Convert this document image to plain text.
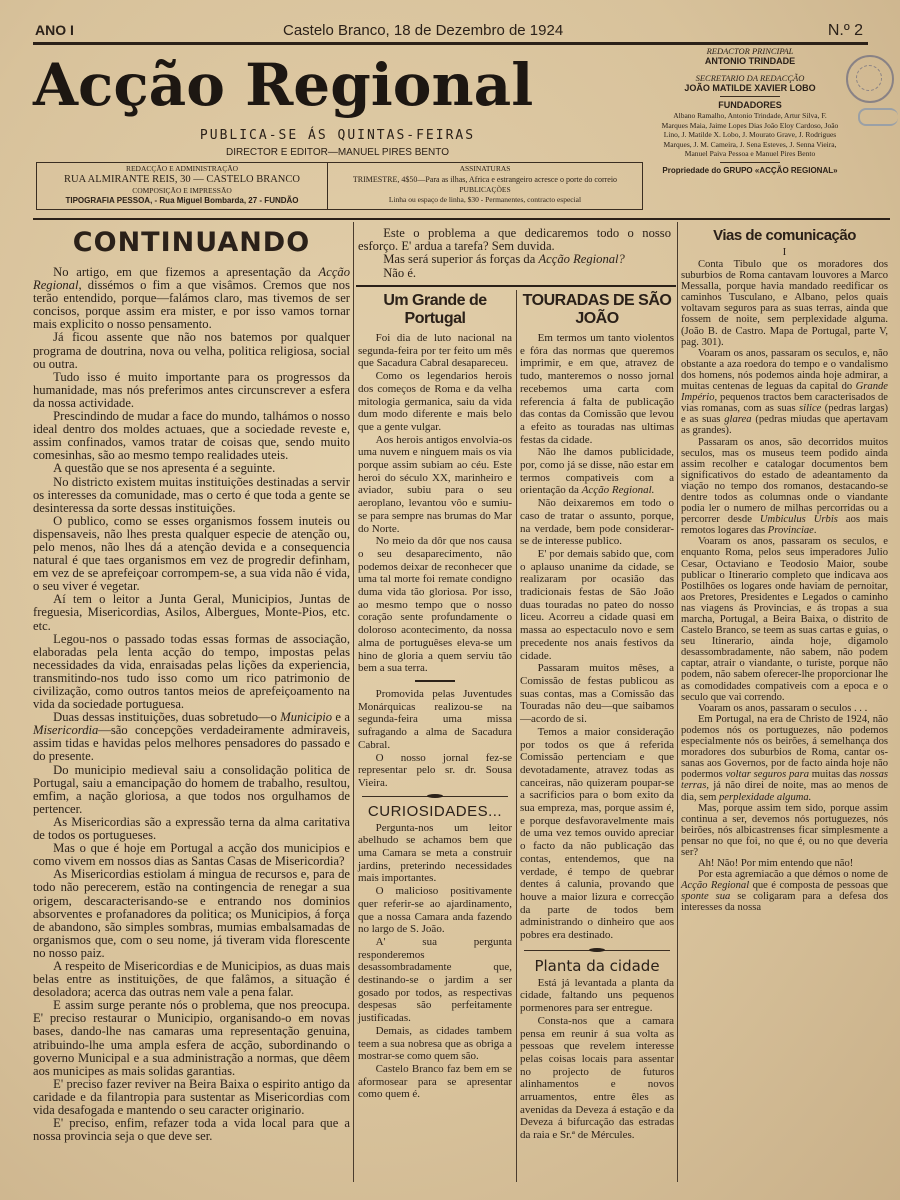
ANO I	Castelo Branco, 18 de Dezembro de 1924	N.º 2
Acção Regional
PUBLICA-SE ÁS QUINTAS-FEIRAS
DIRECTOR E EDITOR—MANUEL PIRES BENTO
REDACÇÃO E ADMINISTRAÇÃO
RUA ALMIRANTE REIS, 30 — CASTELO BRANCO
COMPOSIÇÃO E IMPRESSÃO
TIPOGRAFIA PESSOA, - Rua Miguel Bombarda, 27 - FUNDÃO
ASSINATURAS
TRIMESTRE, 4$50—Para as ilhas, Africa e estrangeiro acresce o porte do correio
PUBLICAÇÕES
Linha ou espaço de linha, $30 - Permanentes, contracto especial
REDACTOR PRINCIPAL
ANTONIO TRINDADE
SECRETARIO DA REDACÇÃO
JOÃO MATILDE XAVIER LOBO
FUNDADORES
Albano Ramalho, Antonio Trindade, Artur Silva, F. Marques Maia, Jaime Lopes Dias João Eloy Cardoso, João Lino, J. Matilde X. Lobo, J. Mourato Grave, J. Rodrigues Marques, J. M. Cameira, J. Sena Esteves, J. Senna Vieira, Manuel Paiva Pessoa e Manuel Pires Bento
Propriedade do GRUPO «ACÇÃO REGIONAL»
CONTINUANDO

No artigo, em que fizemos a apresentação da Acção Regional, dissémos o fim a que visâmos. Cremos que nos terão entendido, porque—falámos claro, mas tivemos de ser concisos, porque assim era mister, e por isso vamos tornar mais explicito o nosso pensamento.

Já ficou assente que não nos batemos por qualquer programa de doutrina, nova ou velha, politica religiosa, social ou outra.

Tudo isso é muito importante para os progressos da humanidade, mas nós preferimos antes circunscrever a esfera da nossa actividade.

Prescindindo de mudar a face do mundo, talhámos o nosso ideal dentro dos moldes actuaes, que a sociedade reveste e, assim confinados, vamos tratar de coisas que, sendo muito comesinhas, são ao mesmo tempo realidades uteis.

A questão que se nos apresenta é a seguinte.

No districto existem muitas instituições destinadas a servir os interesses da comunidade, mas o certo é que toda a gente se desinteressa da sorte dessas instituições.

O publico, como se esses organismos fossem inuteis ou dispensaveis, não lhes presta qualquer especie de atenção ou, pelo menos, não lhes dá a atenção devida e a consequencia natural é que taes organismos em vez de progredir definham, em vez de se aprefeiçoar corrompem-se, a sua vida não é vida, o seu viver é vegetar.

Aí tem o leitor a Junta Geral, Municipios, Juntas de freguesia, Misericordias, Asilos, Albergues, Monte-Pios, etc. etc.

Legou-nos o passado todas essas formas de associação, elaboradas pela lenta acção do tempo, impostas pelas necessidades da vida, enraisadas pelas lições da experiencia, transmitindo-nos tudo isso como um rico patrimonio de civilização, como outros tantos meios de aprefeiçoamento na vida da sociedade portuguesa.

Duas dessas instituições, duas sobretudo—o Municipio e a Misericordia—são concepções verdadeiramente admiraveis, assim tidas e havidas pelos melhores pensadores do passado e do presente.

Do municipio medieval saiu a consolidação politica de Portugal, saiu a emancipação do homem de trabalho, resultou, emfim, a nação gloriosa, a que todos nos orgulhamos de pertencer.

As Misericordias são a expressão terna da alma caritativa de todos os portugueses.

Mas o que é hoje em Portugal a acção dos municipios e como vivem em nossos dias as Santas Casas de Misericordia?

As Misericordias estiolam á mingua de recursos e, para de todo não perecerem, estão na contingencia de renegar a sua origem, descaracterisando-se e entrando nos dominios absorventes e profanadores da politica; os Municipios, á força de abandono, são simples sombras, mumias embalsamadas de organismos que, com o seu nome, já tiveram vida florescente no nosso paiz.

A respeito de Misericordias e de Municipios, as duas mais belas entre as instituições, de que falâmos, a situação é desoladora; acerca das outras nem vale a pena falar.

E assim surge perante nós o problema, que nos preocupa. E' preciso restaurar o Municipio, organisando-o em novas bases, dando-lhe nas camaras uma representação genuina, atribuindo-lhe uma ampla esfera de acção, subordinando o governo Municipal e a sua administração a normas, que dêem aos municipes as mais solidas garantias.

E' preciso fazer reviver na Beira Baixa o espirito antigo da caridade e da filantropia para sustentar as Misericordias com vida desafogada e mantendo o seu caracter originario.

E' preciso, enfim, refazer toda a vida local para que a nossa provincia seja o que deve ser.

Este o problema a que dedicaremos todo o nosso esforço. E' ardua a tarefa? Sem duvida.

Mas será superior ás forças da Acção Regional?

Não é.

Um Grande de Portugal

Foi dia de luto nacional na segunda-feira por ter feito um mês que Sacadura Cabral desapareceu.

Como os legendarios herois dos começos de Roma e da velha mitologia germanica, saiu da vida dum modo diferente e mais belo que a gente vulgar.

Aos herois antigos envolvia-os uma nuvem e ninguem mais os via porque assim subiam ao céu. Este heroi do século XX, marinheiro e aviador, subiu para o seu aeroplano, levantou vôo e sumiu-se para sempre nas brumas do Mar do Norte.

No meio da dôr que nos causa o seu desaparecimento, não podemos deixar de reconhecer que uma tal morte foi remate condigno duma vida tão gloriosa. Por isso, ao mesmo tempo que o nosso coração sente profundamente o doloroso acontecimento, da nossa alma de portuguêses eleva-se um hino de gloria a quem serviu tão bem a sua terra.

Promovida pelas Juventudes Monárquicas realizou-se na segunda-feira uma missa sufragando a alma de Sacadura Cabral.

O nosso jornal fez-se representar pelo sr. dr. Sousa Vieira.

CURIOSIDADES...

Pergunta-nos um leitor abelhudo se achamos bem que uma Camara se meta a construir jardins, preterindo necessidades mais importantes.

O malicioso positivamente quer referir-se ao ajardinamento, que a nossa Camara anda fazendo no largo de S. João.

A' sua pergunta responderemos desassombradamente que, destinando-se o jardim a ser gosado por todos, as respectivas despesas são perfeitamente justificadas.

Demais, as cidades tambem teem a sua nobresa que as obriga a mostrar-se como quem são.

Castelo Branco faz bem em se aformosear para se apresentar como quem é.

TOURADAS DE SÃO JOÃO

Em termos um tanto violentos e fóra das normas que queremos imprimir, e em que, atravez de tudo, manteremos o nosso jornal recebemos uma carta com referencia á falta de publicação das contas da Comissão que levou a efeito as touradas nas ultimas festas da cidade.

Não lhe damos publicidade, por, como já se disse, não estar em termos compativeis com a orientação da Acção Regional.

Não deixaremos em todo o caso de tratar o assunto, porque, na verdade, bem pode considerar-se de interesse publico.

E' por demais sabido que, com o aplauso unanime da cidade, se realizaram por ocasião das tradicionais festas de São João duas touradas no pateo do nosso liceu. Acorreu a cidade quasi em massa ao espectaculo novo e sem precedente nos anais festivos da cidade.

Passaram muitos mêses, a Comissão de festas publicou as suas contas, mas a Comissão das Touradas não deu—que saibamos—acordo de si.

Temos a maior consideração por todos os que á referida Comissão pertenciam e que devotadamente, atravez todas as canceiras, não quizeram poupar-se a sacrificios para o bom exito da sua empreza, mas, porque assim é, e porque desfavoravelmente mais de uma vez temos ouvido apreciar o facto da não publicação das contas, entendemos, que na verdade, é tempo de quebrar dentes á calunia, provando que houve a maior lizura e correcção da parte de todos bem administrando o dinheiro que aos pobres era destinado.

Planta da cidade

Está já levantada a planta da cidade, faltando uns pequenos pormenores para ser entregue.

Consta-nos que a camara pensa em reunir á sua volta as pessoas que revelem interesse pelas coisas locais para assentar no projecto de futuros alinhamentos e novos arruamentos, entre êles as avenidas da Deveza á estação e da Deveza á bifurcação das estradas da raia e Sr.ª de Mércules.

Vias de comunicação
I

Conta Tibulo que os moradores dos suburbios de Roma cantavam louvores a Marco Messalla, porque havia mandado reedificar os caminhos Tusculano, e Albano, pelos quais voltavam seguros para as suas terras, ainda que fossem de noite, sem perplexidade alguma. (João B. de Castro. Mapa de Portugal, parte V, pag. 301).

Voaram os anos, passaram os seculos, e, não obstante a aza roedora do tempo e o vandalismo dos homens, nós podemos ainda hoje admirar, a muitas centenas de leguas da capital do Grande Império, pequenos tractos bem caracterisados de vias romanas, com as suas silice (pedras largas) e as suas glarea (pedras miudas que apertavam as grandes).

Passaram os anos, são decorridos muitos seculos, mas os museus teem podido ainda assim recolher e catalogar documentos bem significativos do estado de adeantamento da viação no tempo dos romanos, destacando-se dentre todos as columnas onde o viandante podia ler o numero de milhas percorridas ou a percorrer desde Umbiculus Urbis aos mais remotos logares das Provinciae.

Voaram os anos, passaram os seculos, e enquanto Roma, pelos seus imperadores Julio Cesar, Octaviano e Teodosio Maior, soube publicar o Itinerario completo que indicava aos Postilhões os logares onde haviam de pernoitar, aos Pretores, Presidentes e Legados o caminho nas viagens ás Provincias, e ás tropas a sua marcha, Portugal, a Beira Baixa, o distrito de Castelo Branco, se teem as suas cartas e guias, o seu Itinerario, ainda hoje, digamolo desassombradamente, não sabem, não podem captar, atrair o viandante, o turiste, porque não podem, não sabem oferecer-lhe proporcionar lhe as comodidades compativeis com a epoca e o seculo que vai correndo.

Voaram os anos, passaram o seculos . . .

Em Portugal, na era de Christo de 1924, não podemos nós os portuguezes, não podemos especialmente nós os beirões, á semelhança dos moradores dos suburbios de Roma, cantar os-sanas aos Governos, por de facto ainda hoje não podermos voltar seguros para muitas das nossas terras, já não direi de noite, mas ao menos de dia, sem perplexidade alguma.

Mas, porque assim tem sido, porque assim continua a ser, devemos nós portuguezes, nós beirões, nós albicastrenses ficar simplesmente a pensar no que foi, no que é, ou no que deveria ser?

Ah! Não! Por mim entendo que não!

Por esta agremiacão a que démos o nome de Acção Regional que é composta de pessoas que sponte sua se coligaram para a defesa dos interesses da nossa
